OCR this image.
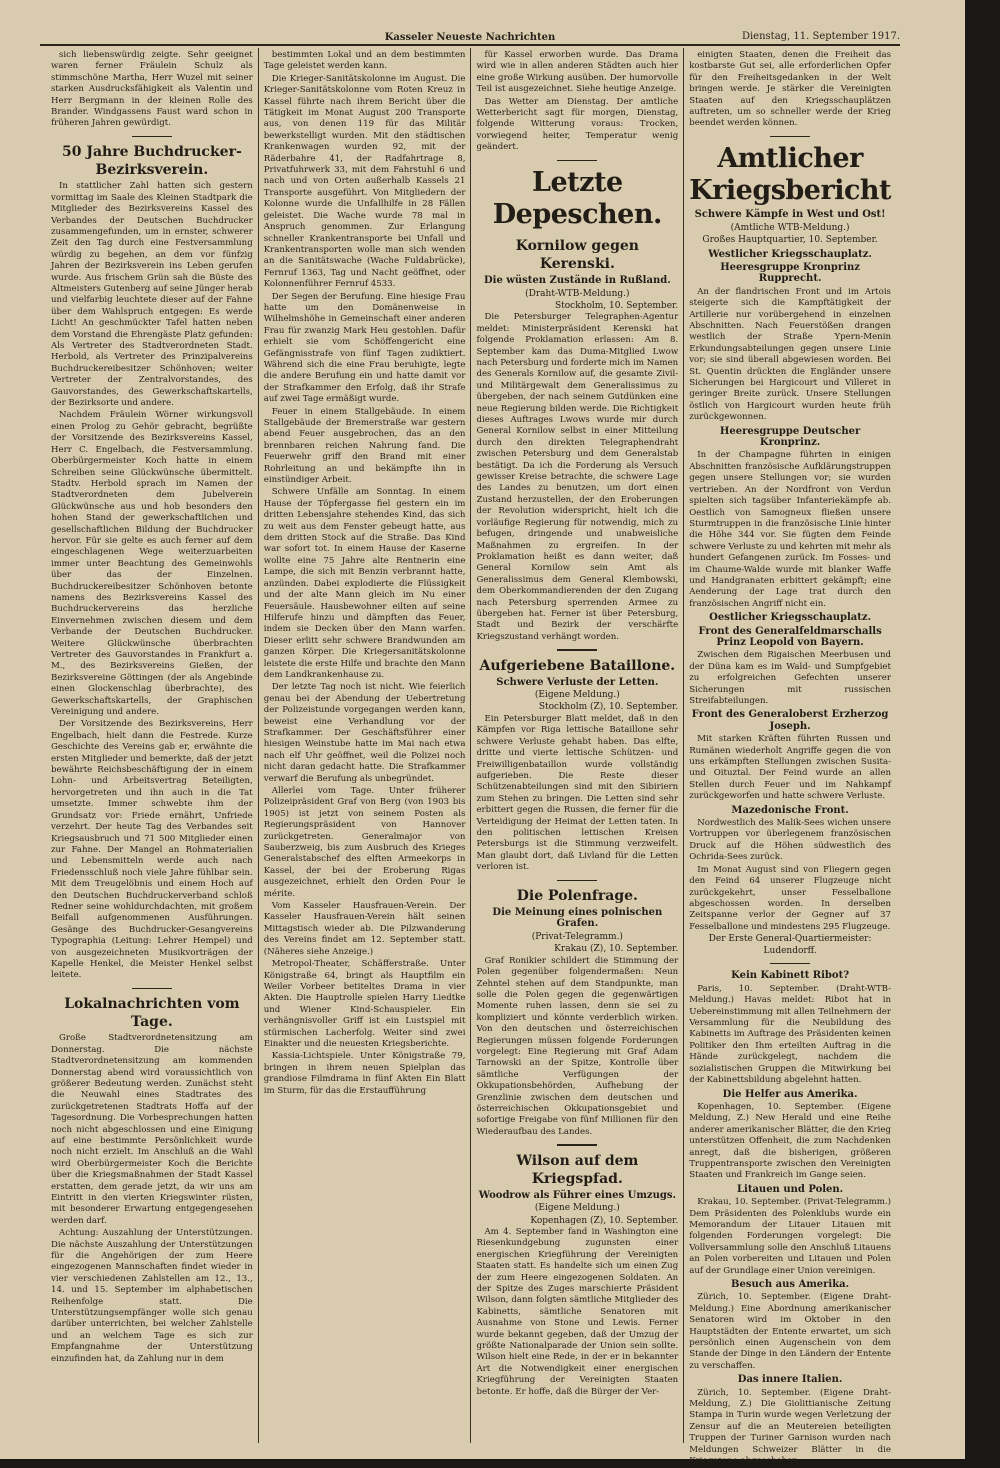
Kasseler Neueste Nachrichten	Dienstag, 11. September 1917.

sich liebenswürdig zeigte. Sehr geeignet waren ferner Fräulein Schulz als stimmschöne Martha, Herr Wuzel mit seiner starken Ausdrucksfähigkeit als Valentin und Herr Bergmann in der kleinen Rolle des Brander. Windgassens Faust ward schon in früheren Jahren gewürdigt.

50 Jahre Buchdrucker-Bezirksverein.

In stattlicher Zahl hatten sich gestern vormittag im Saale des Kleinen Stadtpark die Mitglieder des Bezirksvereins Kassel des Verbandes der Deutschen Buchdrucker zusammengefunden, um in ernster, schwerer Zeit den Tag durch eine Festversammlung würdig zu begehen, an dem vor fünfzig Jahren der Bezirksverein ins Leben gerufen wurde. Aus frischem Grün sah die Büste des Altmeisters Gutenberg auf seine Jünger herab und vielfarbig leuchtete dieser auf der Fahne über dem Wahlspruch entgegen: Es werde Licht! An geschmückter Tafel hatten neben dem Vorstand die Ehrengäste Platz gefunden: Als Vertreter des Stadtverordneten Stadt. Herbold, als Vertreter des Prinzipalvereins Buchdruckereibesitzer Schönhoven; weiter Vertreter der Zentralvorstandes, des Gauvorstandes, des Gewerkschaftskartells, der Bezirksorte und andere.

Nachdem Fräulein Wörner wirkungsvoll einen Prolog zu Gehör gebracht, begrüßte der Vorsitzende des Bezirksvereins Kassel, Herr C. Engelbach, die Festversammlung. Oberbürgermeister Koch hatte in einem Schreiben seine Glückwünsche übermittelt. Stadtv. Herbold sprach im Namen der Stadtverordneten dem Jubelverein Glückwünsche aus und hob besonders den hohen Stand der gewerkschaftlichen und gesellschaftlichen Bildung der Buchdrucker hervor. Für sie gelte es auch ferner auf dem eingeschlagenen Wege weiterzuarbeiten immer unter Beachtung des Gemeinwohls über das der Einzelnen. Buchdruckereibesitzer Schönhoven betonte namens des Bezirksvereins Kassel des Buchdruckervereins das herzliche Einvernehmen zwischen diesem und dem Verbande der Deutschen Buchdrucker. Weitere Glückwünsche überbrachten Vertreter des Gauvorstandes in Frankfurt a. M., des Bezirksvereins Gießen, der Bezirksvereine Göttingen (der als Angebinde einen Glockenschlag überbrachte), des Gewerkschaftskartells, der Graphischen Vereinigung und andere.

Der Vorsitzende des Bezirksvereins, Herr Engelbach, hielt dann die Festrede. Kurze Geschichte des Vereins gab er, erwähnte die ersten Mitglieder und bemerkte, daß der jetzt bewährte Reichsbeschäftigung der in einem Lohn- und Arbeitsvertrag Beteiligten, hervorgetreten und ihn auch in die Tat umsetzte. Immer schwebte ihm der Grundsatz vor: Friede ernährt, Unfriede verzehrt. Der heute Tag des Verbandes seit Kriegsausbruch und 71 500 Mitglieder einen zur Fahne. Der Mangel an Rohmaterialien und Lebensmitteln werde auch nach Friedensschluß noch viele Jahre fühlbar sein. Mit dem Treugelöbnis und einem Hoch auf den Deutschen Buchdruckerverband schloß Redner seine wohldurchdachten, mit großem Beifall aufgenommenen Ausführungen. Gesänge des Buchdrucker-Gesangvereins Typographia (Leitung: Lehrer Hempel) und von ausgezeichneten Musikvorträgen der Kapelle Henkel, die Meister Henkel selbst leitete.

Lokalnachrichten vom Tage.

Große Stadtverordnetensitzung am Donnerstag. Die nächste Stadtverordnetensitzung am kommenden Donnerstag abend wird voraussichtlich von größerer Bedeutung werden. Zunächst steht die Neuwahl eines Stadtrates des zurückgetretenen Stadtrats Hoffa auf der Tagesordnung. Die Vorbesprechungen hatten noch nicht abgeschlossen und eine Einigung auf eine bestimmte Persönlichkeit wurde noch nicht erzielt. Im Anschluß an die Wahl wird Oberbürgermeister Koch die Berichte über die Kriegsmaßnahmen der Stadt Kassel erstatten, dem gerade jetzt, da wir uns am Eintritt in den vierten Kriegswinter rüsten, mit besonderer Erwartung entgegengesehen werden darf.

Achtung: Auszahlung der Unterstützungen. Die nächste Auszahlung der Unterstützungen für die Angehörigen der zum Heere eingezogenen Mannschaften findet wieder in vier verschiedenen Zahlstellen am 12., 13., 14. und 15. September im alphabetischen Reihenfolge statt. Die Unterstützungsempfänger wolle sich genau darüber unterrichten, bei welcher Zahlstelle und an welchem Tage es sich zur Empfangnahme der Unterstützung einzufinden hat, da Zahlung nur in dem

bestimmten Lokal und an dem bestimmten Tage geleistet werden kann.

Die Krieger-Sanitätskolonne im August. Die Krieger-Sanitätskolonne vom Roten Kreuz in Kassel führte nach ihrem Bericht über die Tätigkeit im Monat August 200 Transporte aus, von denen 119 für das Militär bewerkstelligt wurden. Mit den städtischen Krankenwagen wurden 92, mit der Räderbahre 41, der Radfahrtrage 8, Privatfuhrwerk 33, mit dem Fahrstuhl 6 und nach und von Orten außerhalb Kassels 21 Transporte ausgeführt. Von Mitgliedern der Kolonne wurde die Unfallhilfe in 28 Fällen geleistet. Die Wache wurde 78 mal in Anspruch genommen. Zur Erlangung schneller Krankentransporte bei Unfall und Krankentransporten wolle man sich wenden an die Sanitätswache (Wache Fuldabrücke), Fernruf 1363, Tag und Nacht geöffnet, oder Kolonnenführer Fernruf 4533.

Der Segen der Berufung. Eine hiesige Frau hatte um den Domänenweise in Wilhelmshöhe in Gemeinschaft einer anderen Frau für zwanzig Mark Heu gestohlen. Dafür erhielt sie vom Schöffengericht eine Gefängnisstrafe von fünf Tagen zudiktiert. Während sich die eine Frau beruhigte, legte die andere Berufung ein und hatte damit vor der Strafkammer den Erfolg, daß ihr Strafe auf zwei Tage ermäßigt wurde.

Feuer in einem Stallgebäude. In einem Stallgebäude der Bremerstraße war gestern abend Feuer ausgebrochen, das an den brennbaren reichen Nahrung fand. Die Feuerwehr griff den Brand mit einer Rohrleitung an und bekämpfte ihn in einstündiger Arbeit.

Schwere Unfälle am Sonntag. In einem Hause der Töpfergasse fiel gestern ein im dritten Lebensjahre stehendes Kind, das sich zu weit aus dem Fenster gebeugt hatte, aus dem dritten Stock auf die Straße. Das Kind war sofort tot. In einem Hause der Kaserne wollte eine 75 Jahre alte Rentnerin eine Lampe, die sich mit Benzin verbrannt hatte, anzünden. Dabei explodierte die Flüssigkeit und der alte Mann gleich im Nu einer Feuersäule. Hausbewohner eilten auf seine Hilferufe hinzu und dämpften das Feuer, indem sie Decken über den Mann warfen. Dieser erlitt sehr schwere Brandwunden am ganzen Körper. Die Kriegersanitätskolonne leistete die erste Hilfe und brachte den Mann dem Landkrankenhause zu.

Der letzte Tag noch ist nicht. Wie feierlich genau bei der Abendung der Uebertretung der Polizeistunde vorgegangen werden kann, beweist eine Verhandlung vor der Strafkammer. Der Geschäftsführer einer hiesigen Weinstube hatte im Mai nach etwa nach elf Uhr geöffnet, weil die Polizei noch nicht daran gedacht hatte. Die Strafkammer verwarf die Berufung als unbegründet.

Allerlei vom Tage. Unter früherer Polizeipräsident Graf von Berg (von 1903 bis 1905) ist jetzt von seinem Posten als Regierungspräsident von Hannover zurückgetreten. Generalmajor von Sauberzweig, bis zum Ausbruch des Krieges Generalstabschef des elften Armeekorps in Kassel, der bei der Eroberung Rigas ausgezeichnet, erhielt den Orden Pour le mérite.

Vom Kasseler Hausfrauen-Verein. Der Kasseler Hausfrauen-Verein hält seinen Mittagstisch wieder ab. Die Pilzwanderung des Vereins findet am 12. September statt. (Näheres siehe Anzeige.)

Metropol-Theater, Schäfferstraße. Unter Königstraße 64, bringt als Hauptfilm ein Weiler Vorbeer betiteltes Drama in vier Akten. Die Hauptrolle spielen Harry Liedtke und Wiener Kind-Schauspieler. Ein verhängnisvoller Griff ist ein Lustspiel mit stürmischen Lacherfolg. Weiter sind zwei Einakter und die neuesten Kriegsberichte.

Kassia-Lichtspiele. Unter Königstraße 79, bringen in ihrem neuen Spielplan das grandiose Filmdrama in fünf Akten Ein Blatt im Sturm, für das die Erstaufführung

für Kassel erworben wurde. Das Drama wird wie in allen anderen Städten auch hier eine große Wirkung ausüben. Der humorvolle Teil ist ausgezeichnet. Siehe heutige Anzeige.

Das Wetter am Dienstag. Der amtliche Wetterbericht sagt für morgen, Dienstag, folgende Witterung voraus: Trocken, vorwiegend heiter, Temperatur wenig geändert.

Letzte Depeschen.
Kornilow gegen Kerenski.
Die wüsten Zustände in Rußland.
(Draht-WTB-Meldung.)
Stockholm, 10. September.

Die Petersburger Telegraphen-Agentur meldet: Ministerpräsident Kerenski hat folgende Proklamation erlassen: Am 8. September kam das Duma-Mitglied Lwow nach Petersburg und forderte mich im Namen des Generals Kornilow auf, die gesamte Zivil- und Militärgewalt dem Generalissimus zu übergeben, der nach seinem Gutdünken eine neue Regierung bilden werde. Die Richtigkeit dieses Auftrages Lwows wurde mir durch General Kornilow selbst in einer Mitteilung durch den direkten Telegraphendraht zwischen Petersburg und dem Generalstab bestätigt. Da ich die Forderung als Versuch gewisser Kreise betrachte, die schwere Lage des Landes zu benutzen, um dort einen Zustand herzustellen, der den Eroberungen der Revolution widerspricht, hielt ich die vorläufige Regierung für notwendig, mich zu befugen, dringende und unabweisliche Maßnahmen zu ergreifen. In der Proklamation heißt es dann weiter, daß General Kornilow sein Amt als Generalissimus dem General Klembowski, dem Oberkommandierenden der den Zugang nach Petersburg sperrenden Armee zu übergeben hat. Ferner ist über Petersburg, Stadt und Bezirk der verschärfte Kriegszustand verhängt worden.

Aufgeriebene Bataillone.
Schwere Verluste der Letten.
(Eigene Meldung.)
Stockholm (Z), 10. September.

Ein Petersburger Blatt meldet, daß in den Kämpfen vor Riga lettische Bataillone sehr schwere Verluste gehabt haben. Das elfte, dritte und vierte lettische Schützen- und Freiwilligenbataillon wurde vollständig aufgerieben. Die Reste dieser Schützenabteilungen sind mit den Sibiriern zum Stehen zu bringen. Die Letten sind sehr erbittert gegen die Russen, die ferner für die Verteidigung der Heimat der Letten taten. In den politischen lettischen Kreisen Petersburgs ist die Stimmung verzweifelt. Man glaubt dort, daß Livland für die Letten verloren ist.

Die Polenfrage.
Die Meinung eines polnischen Grafen.
(Privat-Telegramm.)
Krakau (Z), 10. September.

Graf Ronikier schildert die Stimmung der Polen gegenüber folgendermaßen: Neun Zehntel stehen auf dem Standpunkte, man solle die Polen gegen die gegenwärtigen Momente ruhen lassen, denn sie sei zu kompliziert und könnte verderblich wirken. Von den deutschen und österreichischen Regierungen müssen folgende Forderungen vorgelegt: Eine Regierung mit Graf Adam Tarnowski an der Spitze, Kontrolle über sämtliche Verfügungen der Okkupationsbehörden, Aufhebung der Grenzlinie zwischen dem deutschen und österreichischen Okkupationsgebiet und sofortige Freigabe von fünf Millionen für den Wiederaufbau des Landes.

Wilson auf dem Kriegspfad.
Woodrow als Führer eines Umzugs.
(Eigene Meldung.)
Kopenhagen (Z), 10. September.

Am 4. September fand in Washington eine Riesenkundgebung zugunsten einer energischen Kriegführung der Vereinigten Staaten statt. Es handelte sich um einen Zug der zum Heere eingezogenen Soldaten. An der Spitze des Zuges marschierte Präsident Wilson, dann folgten sämtliche Mitglieder des Kabinetts, sämtliche Senatoren mit Ausnahme von Stone und Lewis. Ferner wurde bekannt gegeben, daß der Umzug der größte Nationalparade der Union sein sollte. Wilson hielt eine Rede, in der er in bekannter Art die Notwendigkeit einer energischen Kriegführung der Vereinigten Staaten betonte. Er hoffe, daß die Bürger der Ver-

einigten Staaten, denen die Freiheit das kostbarste Gut sei, alle erforderlichen Opfer für den Freiheitsgedanken in der Welt bringen werde. Je stärker die Vereinigten Staaten auf den Kriegsschauplätzen auftreten, um so schneller werde der Krieg beendet werden können.

Amtlicher Kriegsbericht
Schwere Kämpfe in West und Ost!
(Amtliche WTB-Meldung.)
Großes Hauptquartier, 10. September.
Westlicher Kriegsschauplatz.
Heeresgruppe Kronprinz Rupprecht.

An der flandrischen Front und im Artois steigerte sich die Kampftätigkeit der Artillerie nur vorübergehend in einzelnen Abschnitten. Nach Feuerstößen drangen westlich der Straße Ypern-Menin Erkundungsabteilungen gegen unsere Linie vor; sie sind überall abgewiesen worden. Bei St. Quentin drückten die Engländer unsere Sicherungen bei Hargicourt und Villeret in geringer Breite zurück. Unsere Stellungen östlich von Hargicourt wurden heute früh zurückgewonnen.

Heeresgruppe Deutscher Kronprinz.

In der Champagne führten in einigen Abschnitten französische Aufklärungstruppen gegen unsere Stellungen vor; sie wurden vertrieben. An der Nordfront von Verdun spielten sich tagsüber Infanteriekämpfe ab. Oestlich von Samogneux fließen unsere Sturmtruppen in die französische Linie hinter die Höhe 344 vor. Sie fügten dem Feinde schwere Verluste zu und kehrten mit mehr als hundert Gefangenen zurück. Im Fosses- und im Chaume-Walde wurde mit blanker Waffe und Handgranaten erbittert gekämpft; eine Aenderung der Lage trat durch den französischen Angriff nicht ein.

Oestlicher Kriegsschauplatz.
Front des Generalfeldmarschalls Prinz Leopold von Bayern.

Zwischen dem Rigaischen Meerbusen und der Düna kam es im Wald- und Sumpfgebiet zu erfolgreichen Gefechten unserer Sicherungen mit russischen Streifabteilungen.

Front des Generaloberst Erzherzog Joseph.

Mit starken Kräften führten Russen und Rumänen wiederholt Angriffe gegen die von uns erkämpften Stellungen zwischen Susita- und Oituztal. Der Feind wurde an allen Stellen durch Feuer und im Nahkampf zurückgeworfen und hatte schwere Verluste.

Mazedonische Front.

Nordwestlich des Malik-Sees wichen unsere Vortruppen vor überlegenem französischen Druck auf die Höhen südwestlich des Ochrida-Sees zurück.

Im Monat August sind von Fliegern gegen den Feind 64 unserer Flugzeuge nicht zurückgekehrt, unser Fesselballone abgeschossen worden. In derselben Zeitspanne verlor der Gegner auf 37 Fesselballone und mindestens 295 Flugzeuge.

Der Erste General-Quartiermeister: Ludendorff.
Kein Kabinett Ribot?

Paris, 10. September. (Draht-WTB-Meldung.) Havas meldet: Ribot hat in Uebereinstimmung mit allen Teilnehmern der Versammlung für die Neubildung des Kabinetts im Auftrage des Präsidenten keinen Politiker den Ihm erteilten Auftrag in die Hände zurückgelegt, nachdem die sozialistischen Gruppen die Mitwirkung bei der Kabinettsbildung abgelehnt hatten.

Die Helfer aus Amerika.

Kopenhagen, 10. September. (Eigene Meldung, Z.) New Herald und eine Reihe anderer amerikanischer Blätter, die den Krieg unterstützen Offenheit, die zum Nachdenken anregt, daß die bisherigen, größeren Truppentransporte zwischen den Vereinigten Staaten und Frankreich im Gange seien.

Litauen und Polen.

Krakau, 10. September. (Privat-Telegramm.) Dem Präsidenten des Polenklubs wurde ein Memorandum der Litauer Litauen mit folgenden Forderungen vorgelegt: Die Vollversammlung solle den Anschluß Litauens an Polen vorbereiten und Litauen und Polen auf der Grundlage einer Union vereinigen.

Besuch aus Amerika.

Zürich, 10. September. (Eigene Draht-Meldung.) Eine Abordnung amerikanischer Senatoren wird im Oktober in den Hauptstädten der Entente erwartet, um sich persönlich einen Augenschein von dem Stande der Dinge in den Ländern der Entente zu verschaffen.

Das innere Italien.

Zürich, 10. September. (Eigene Draht-Meldung, Z.) Die Giolittianische Zeitung Stampa in Turin wurde wegen Verletzung der Zensur auf die an Meutereien beteiligten Truppen der Turiner Garnison wurden nach Meldungen Schweizer Blätter in die Kriegszone abgeschoben.
